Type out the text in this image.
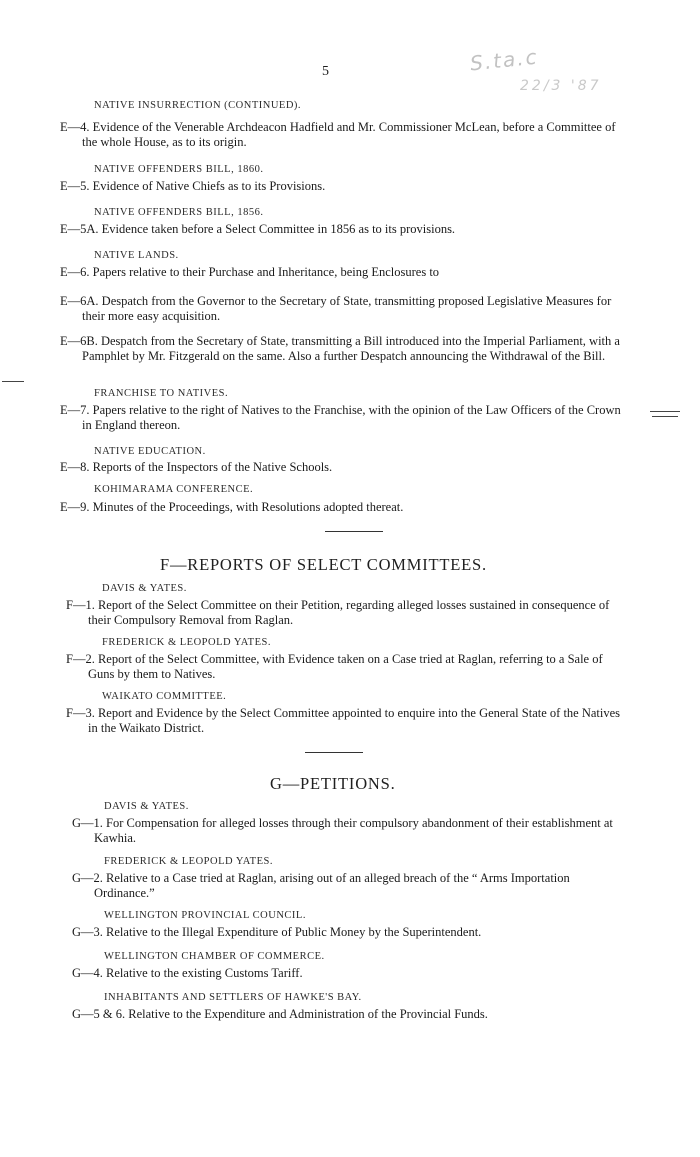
5	S.ta.c
22/3 '87
NATIVE INSURRECTION (CONTINUED).
E—4. Evidence of the Venerable Archdeacon Hadfield and Mr. Commissioner McLean, before a Committee of the whole House, as to its origin.
NATIVE OFFENDERS BILL, 1860.
E—5. Evidence of Native Chiefs as to its Provisions.
NATIVE OFFENDERS BILL, 1856.
E—5A. Evidence taken before a Select Committee in 1856 as to its provisions.
NATIVE LANDS.
E—6. Papers relative to their Purchase and Inheritance, being Enclosures to
E—6A. Despatch from the Governor to the Secretary of State, transmitting proposed Legislative Measures for their more easy acquisition.
E—6B. Despatch from the Secretary of State, transmitting a Bill introduced into the Imperial Parliament, with a Pamphlet by Mr. Fitzgerald on the same. Also a further Despatch announcing the Withdrawal of the Bill.
FRANCHISE TO NATIVES.
E—7. Papers relative to the right of Natives to the Franchise, with the opinion of the Law Officers of the Crown in England thereon.
NATIVE EDUCATION.
E—8. Reports of the Inspectors of the Native Schools.
KOHIMARAMA CONFERENCE.
E—9. Minutes of the Proceedings, with Resolutions adopted thereat.
F—REPORTS OF SELECT COMMITTEES.
DAVIS & YATES.
F—1. Report of the Select Committee on their Petition, regarding alleged losses sustained in consequence of their Compulsory Removal from Raglan.
FREDERICK & LEOPOLD YATES.
F—2. Report of the Select Committee, with Evidence taken on a Case tried at Raglan, referring to a Sale of Guns by them to Natives.
WAIKATO COMMITTEE.
F—3. Report and Evidence by the Select Committee appointed to enquire into the General State of the Natives in the Waikato District.
G—PETITIONS.
DAVIS & YATES.
G—1. For Compensation for alleged losses through their compulsory abandonment of their establishment at Kawhia.
FREDERICK & LEOPOLD YATES.
G—2. Relative to a Case tried at Raglan, arising out of an alleged breach of the “ Arms Importation Ordinance.”
WELLINGTON PROVINCIAL COUNCIL.
G—3. Relative to the Illegal Expenditure of Public Money by the Superintendent.
WELLINGTON CHAMBER OF COMMERCE.
G—4. Relative to the existing Customs Tariff.
INHABITANTS AND SETTLERS OF HAWKE'S BAY.
G—5 & 6. Relative to the Expenditure and Administration of the Provincial Funds.
